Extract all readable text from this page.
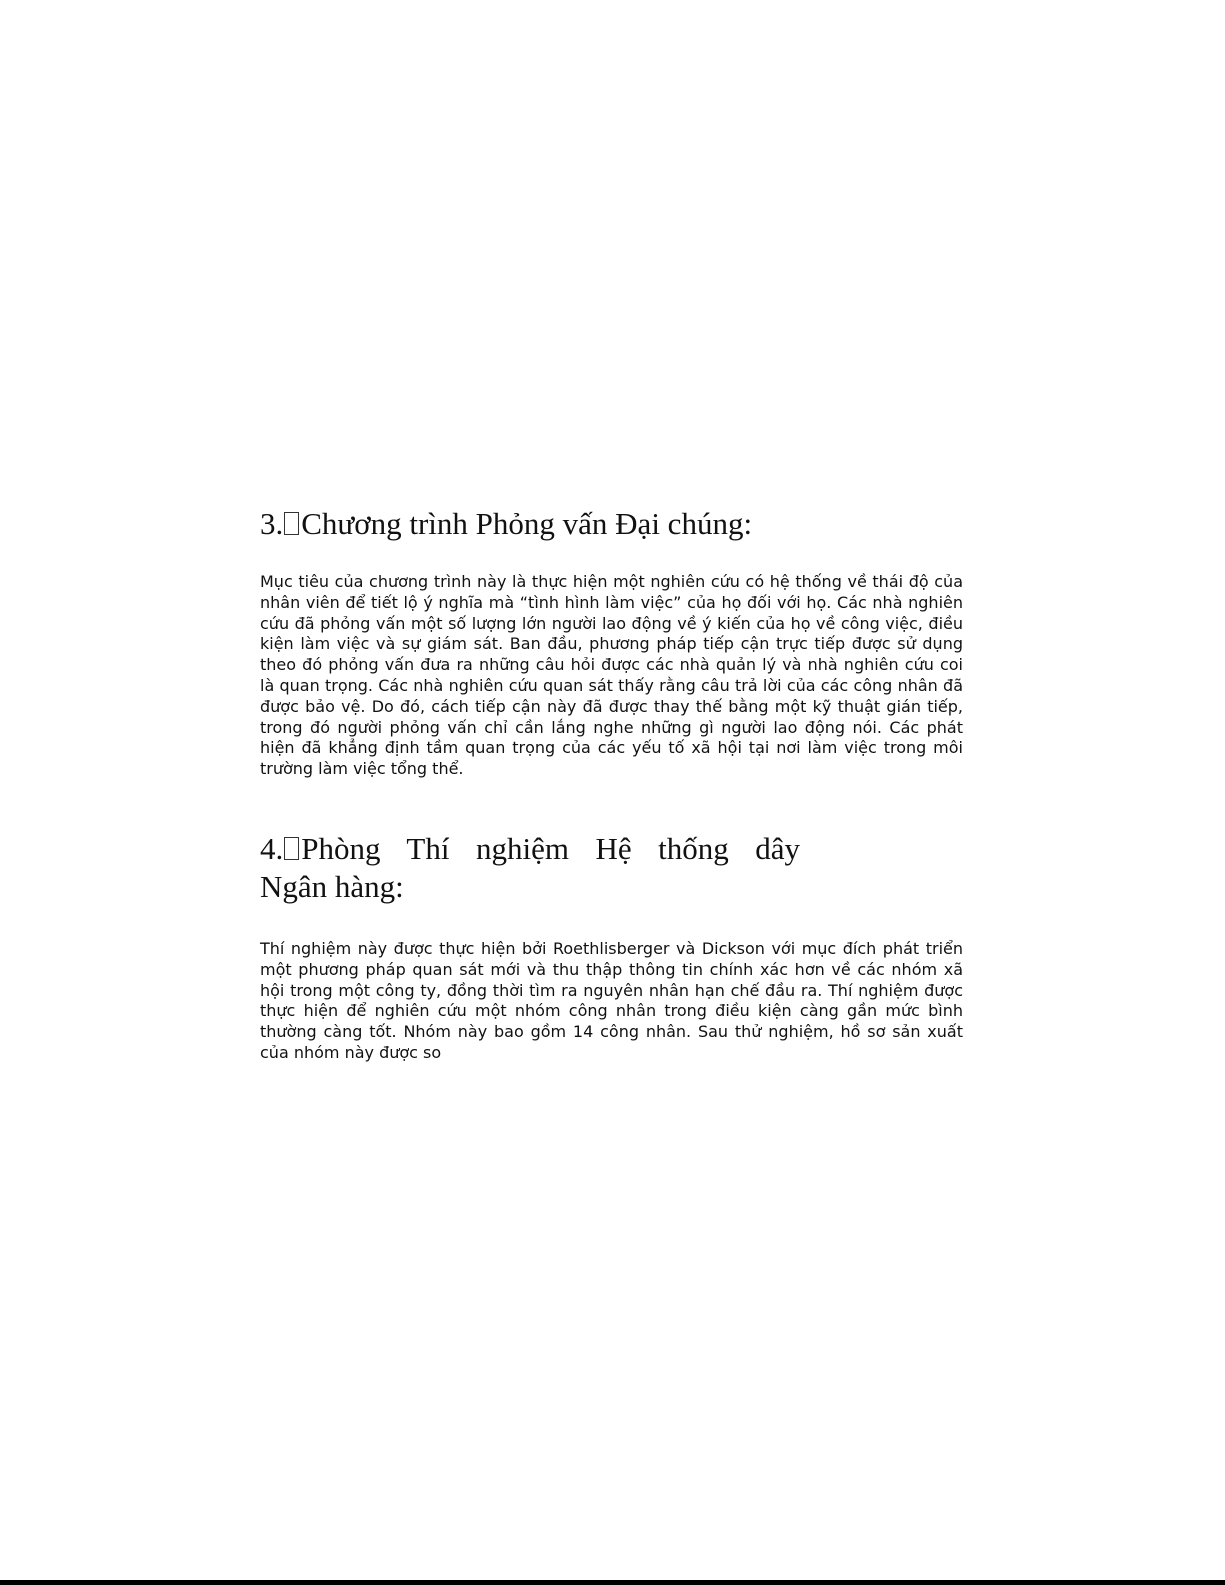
3. Chương trình Phỏng vấn Đại chúng:

Mục tiêu của chương trình này là thực hiện một nghiên cứu có hệ thống về thái độ của nhân viên để tiết lộ ý nghĩa mà “tình hình làm việc” của họ đối với họ. Các nhà nghiên cứu đã phỏng vấn một số lượng lớn người lao động về ý kiến của họ về công việc, điều kiện làm việc và sự giám sát. Ban đầu, phương pháp tiếp cận trực tiếp được sử dụng theo đó phỏng vấn đưa ra những câu hỏi được các nhà quản lý và nhà nghiên cứu coi là quan trọng. Các nhà nghiên cứu quan sát thấy rằng câu trả lời của các công nhân đã được bảo vệ. Do đó, cách tiếp cận này đã được thay thế bằng một kỹ thuật gián tiếp, trong đó người phỏng vấn chỉ cần lắng nghe những gì người lao động nói. Các phát hiện đã khẳng định tầm quan trọng của các yếu tố xã hội tại nơi làm việc trong môi trường làm việc tổng thể.

4. Phòng Thí nghiệm Hệ thống dây
Ngân hàng:

Thí nghiệm này được thực hiện bởi Roethlisberger và Dickson với mục đích phát triển một phương pháp quan sát mới và thu thập thông tin chính xác hơn về các nhóm xã hội trong một công ty, đồng thời tìm ra nguyên nhân hạn chế đầu ra. Thí nghiệm được thực hiện để nghiên cứu một nhóm công nhân trong điều kiện càng gần mức bình thường càng tốt. Nhóm này bao gồm 14 công nhân. Sau thử nghiệm, hồ sơ sản xuất của nhóm này được so
